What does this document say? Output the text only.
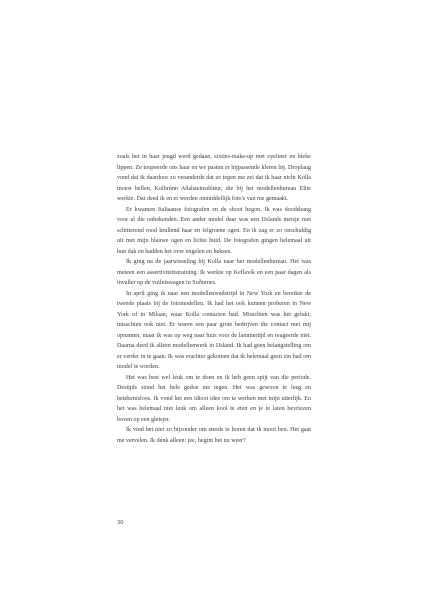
zoals het in haar jeugd werd gedaan, sixties-make-up met eyeliner en bleke lippen. Ze toupeerde ons haar en we pasten er bijpassende kleren bij. Droplaug vond dat ik daardoor zo veranderde dat ze tegen me zei dat ik haar nicht Kolla moest bellen, Kolbrúnn Aðalsteinsdóttur, die bij het modellenbureau Elite werkte. Dat deed ik en er werden onmiddellijk foto's van me gemaakt.

Er kwamen Italiaanse fotografen en de shoot begon. Ik was doodsbang voor al die onbekenden. Een ander model daar was een IJslands meisje met schitterend rood krullend haar en felgroene ogen. En ik zag er zo onschuldig uit met mijn blauwe ogen en lichte huid. De fotografen gingen helemaal uit hun dak en hadden het over engelen en heksen.

Ik ging na de jaarwisseling bij Kolla naar het modellenbureau. Het was meteen een assertiviteitstraining. Ik werkte op Keflavík en een paar dagen als invaller op de vuilniswagen in Suðurnes.

In april ging ik naar een modellenwedstrijd in New York en bereikte de tweede plaats bij de fotomodellen. Ik had het ook kunnen proberen in New York of in Milaan, waar Kolla contacten had. Misschien was het gelukt, misschien ook niet. Er waren een paar grote bedrijven die contact met mij opnamen, maar ik was op weg naar huis voor de lammertijd en reageerde niet. Daarna deed ik alleen modellenwerk in IJsland. Ik had geen belangstelling om er verder in te gaan. Ik was erachter gekomen dat ik helemaal geen zin had om model te worden.

Het was best wel leuk om te doen en ik heb geen spijt van die periode. Destijds stond het hele gedoe me tegen. Het was gewoon te leeg en betekenisloos. Ik vond het een idioot idee om te werken met mijn uiterlijk. En het was helemaal niet leuk om alleen kool te eten en je te laten bevriezen boven op een gletsjer.

Ik vind het niet zo bijzonder om steeds te horen dat ik mooi ben. Het gaat me vervelen. Ik denk alleen: jee, begint het nu weer?

30
